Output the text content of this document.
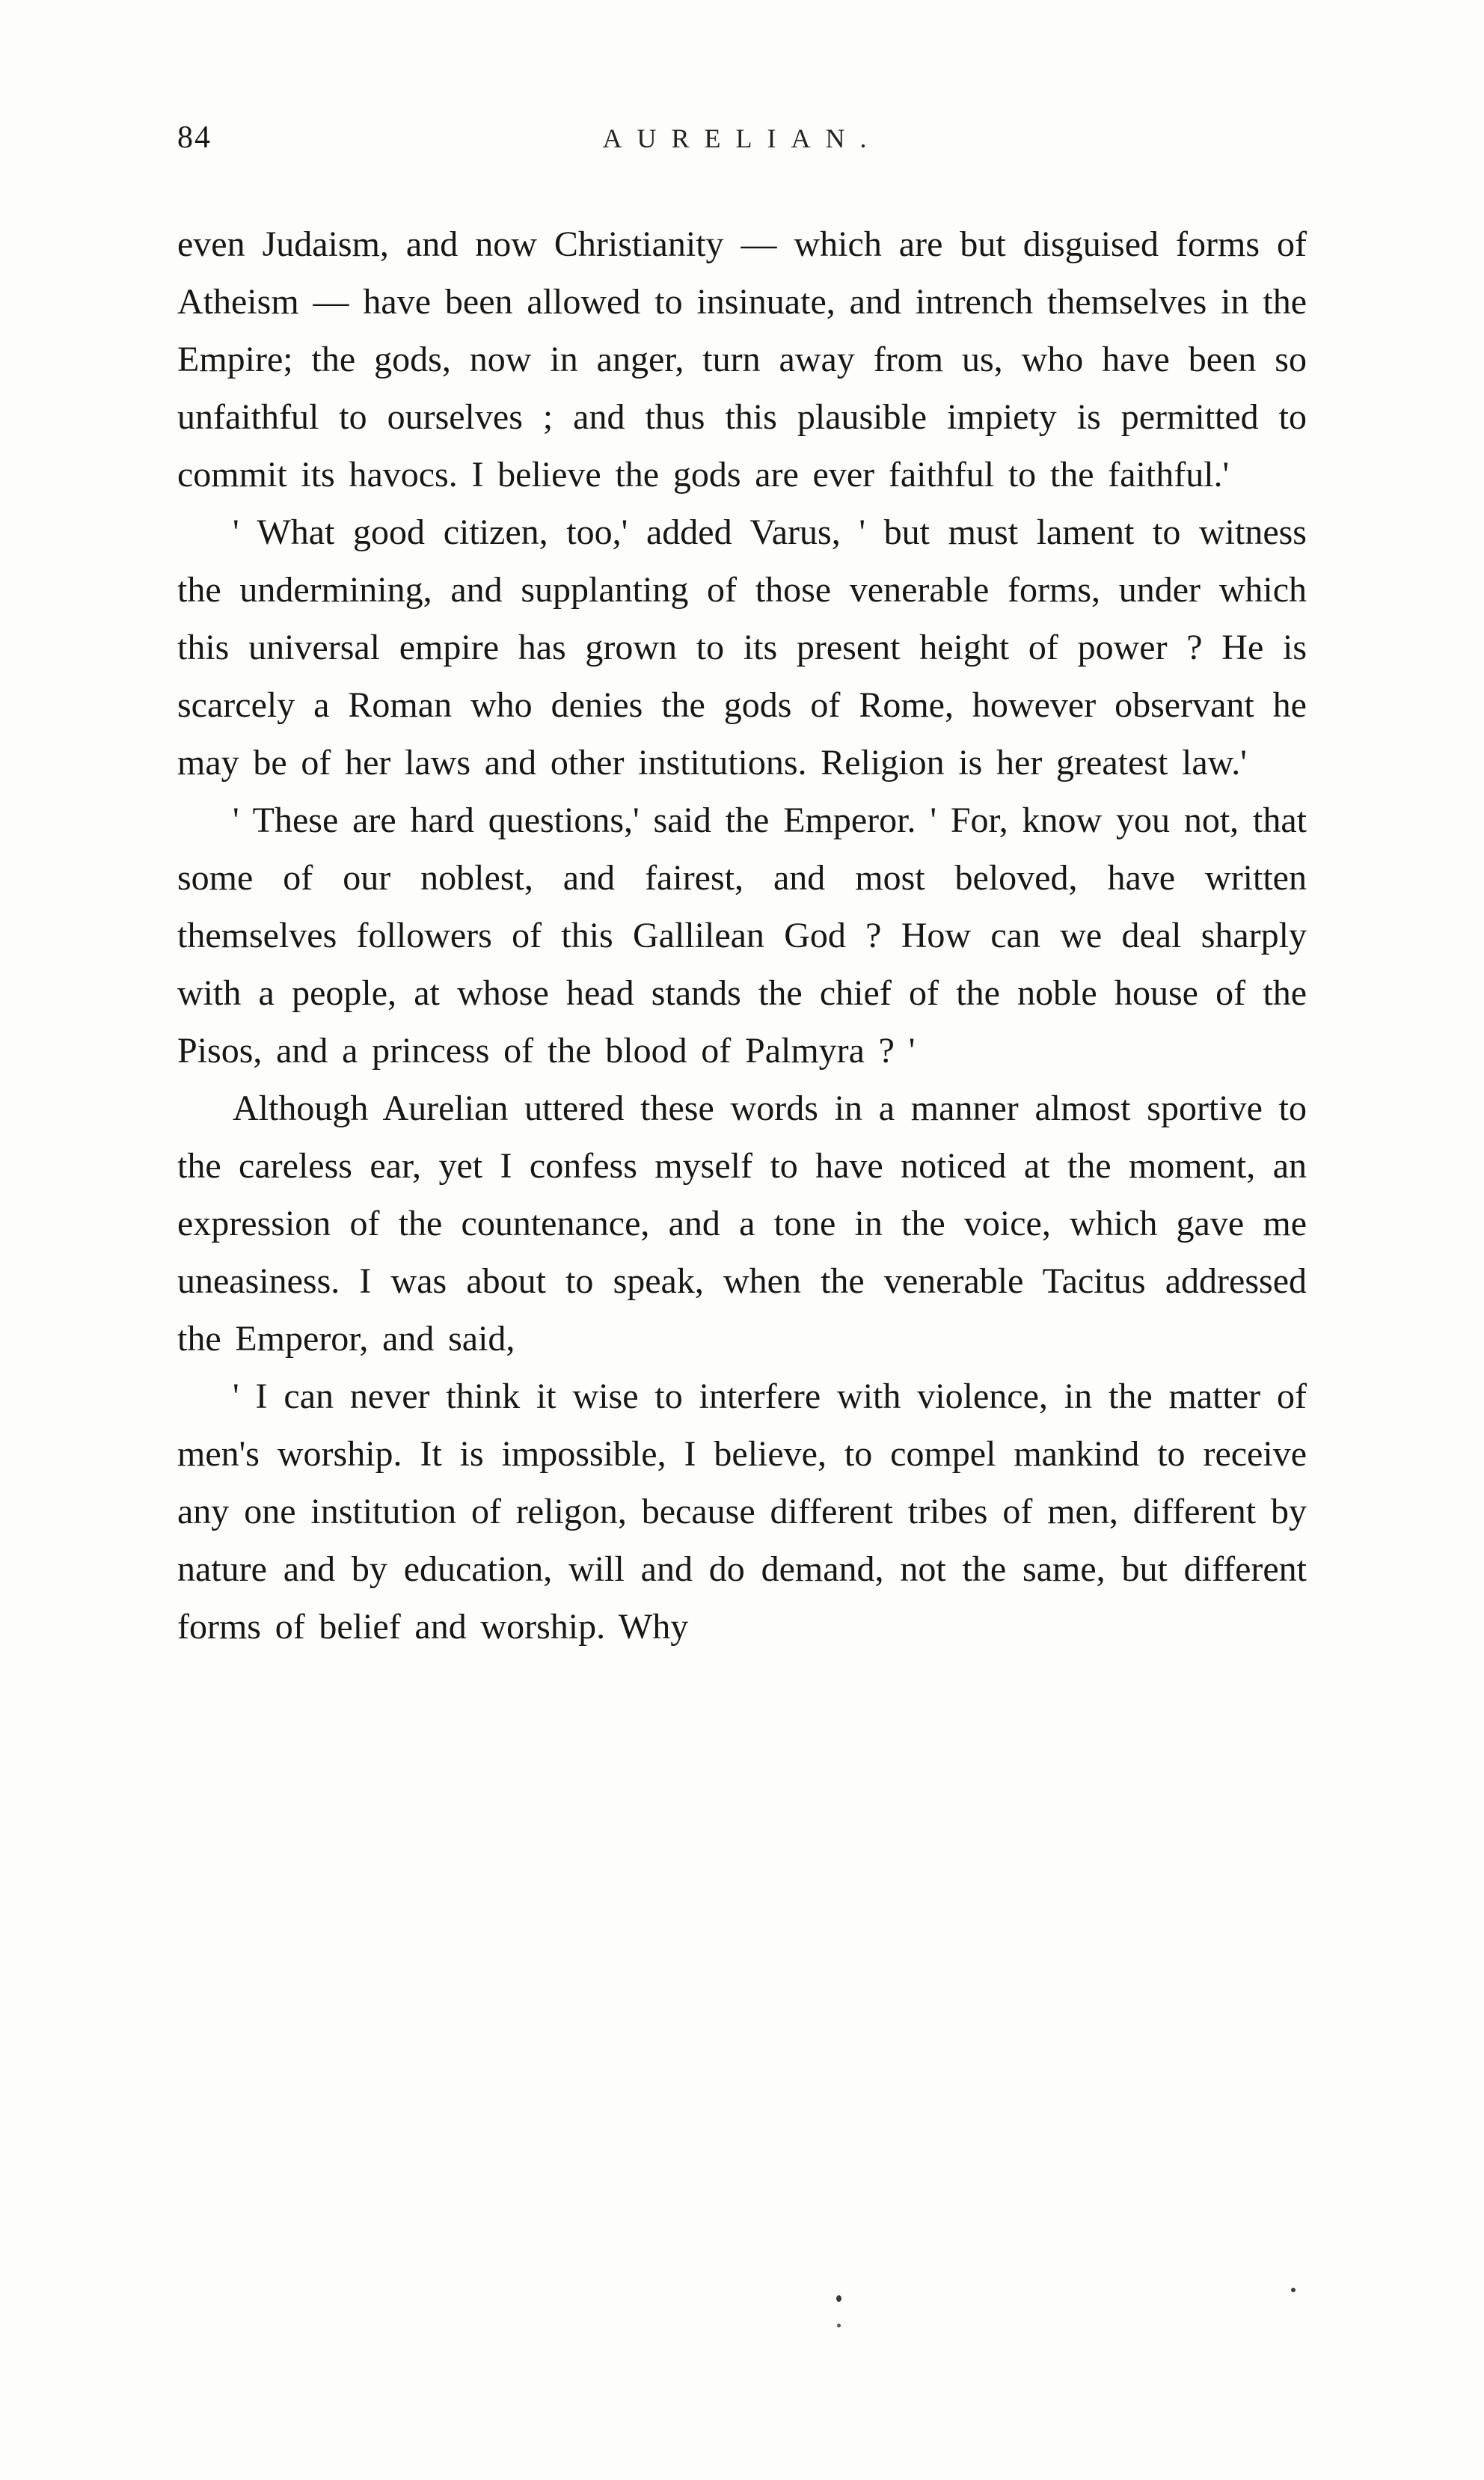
84	AURELIAN.

even Judaism, and now Christianity — which are but disguised forms of Atheism — have been allowed to insinuate, and intrench themselves in the Empire; the gods, now in anger, turn away from us, who have been so unfaithful to ourselves ; and thus this plausible impiety is permitted to commit its havocs. I believe the gods are ever faithful to the faithful.'

' What good citizen, too,' added Varus, ' but must lament to witness the undermining, and supplanting of those venerable forms, under which this universal empire has grown to its present height of power ? He is scarcely a Roman who denies the gods of Rome, however observant he may be of her laws and other institutions. Religion is her greatest law.'

' These are hard questions,' said the Emperor. ' For, know you not, that some of our noblest, and fairest, and most beloved, have written themselves followers of this Gallilean God ? How can we deal sharply with a people, at whose head stands the chief of the noble house of the Pisos, and a princess of the blood of Palmyra ? '

Although Aurelian uttered these words in a manner almost sportive to the careless ear, yet I confess myself to have noticed at the moment, an expression of the countenance, and a tone in the voice, which gave me uneasiness. I was about to speak, when the venerable Tacitus addressed the Emperor, and said,

' I can never think it wise to interfere with violence, in the matter of men's worship. It is impossible, I believe, to compel mankind to receive any one institution of religon, because different tribes of men, different by nature and by education, will and do demand, not the same, but different forms of belief and worship. Why
